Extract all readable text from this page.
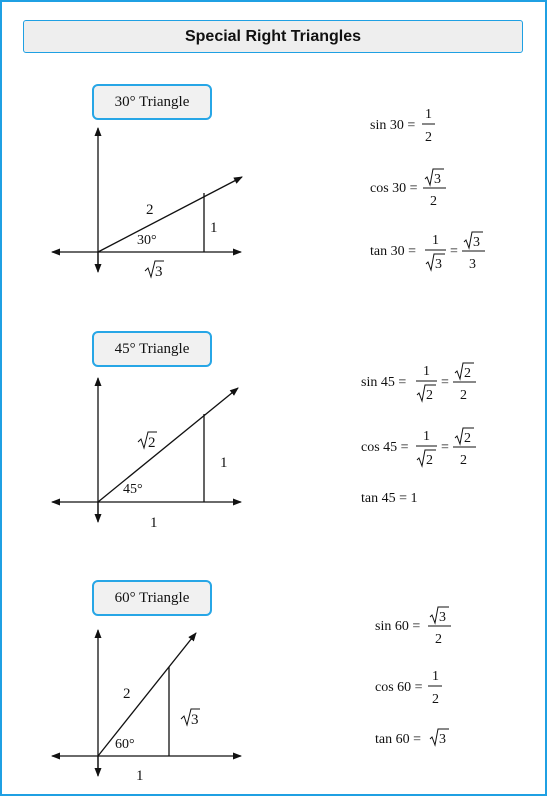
Special Right Triangles
30° Triangle
45° Triangle
60° Triangle
2
1
30°
3
sin 30 =
1
2
cos 30 =
3
2
tan 30 =
1
3
=
3
3
2
1
1
45°
sin 45 =
1
2
=
2
2
cos 45 =
1
2
=
2
2
tan 45 = 1
2
3
1
60°
sin 60 =
3
2
cos 60 =
1
2
tan 60 = 3
